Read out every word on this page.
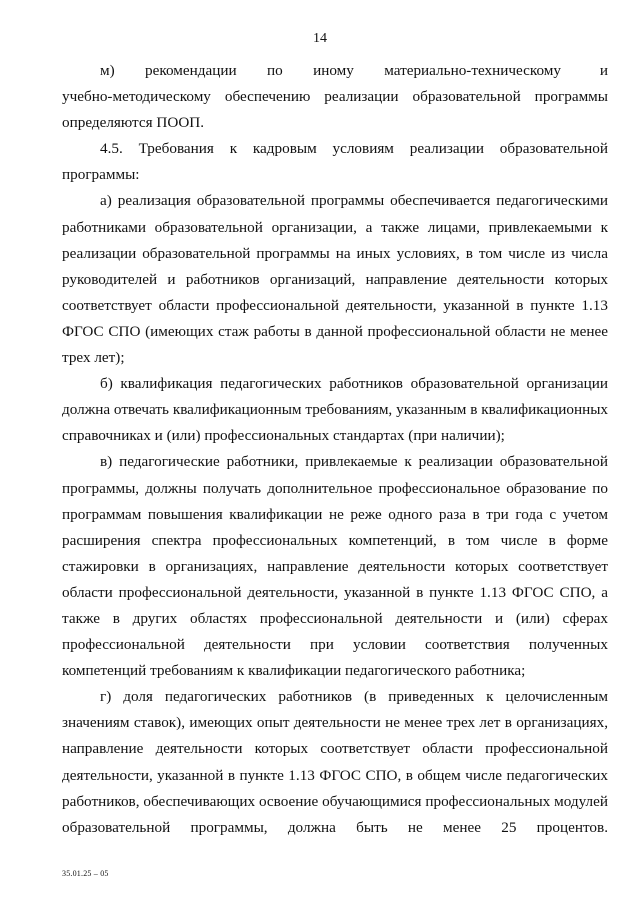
14

м)  рекомендации  по  иному  материально-техническому и учебно-методическому обеспечению реализации образовательной программы определяются ПООП.

4.5. Требования к кадровым условиям реализации образовательной программы:

а) реализация образовательной программы обеспечивается педагогическими работниками образовательной организации, а также лицами, привлекаемыми к реализации образовательной программы на иных условиях, в том числе из числа руководителей и работников организаций, направление деятельности которых соответствует области профессиональной деятельности, указанной в пункте 1.13 ФГОС СПО (имеющих стаж работы в данной профессиональной области не менее трех лет);

б) квалификация педагогических работников образовательной организации должна отвечать квалификационным требованиям, указанным в квалификационных справочниках и (или) профессиональных стандартах (при наличии);

в) педагогические работники, привлекаемые к реализации образовательной программы, должны получать дополнительное профессиональное образование по программам повышения квалификации не реже одного раза в три года с учетом расширения спектра профессиональных компетенций, в том числе в форме стажировки в организациях, направление деятельности которых соответствует области профессиональной деятельности, указанной в пункте 1.13 ФГОС СПО, а также в других областях профессиональной деятельности и (или) сферах профессиональной деятельности при условии соответствия полученных компетенций требованиям к квалификации педагогического работника;

г) доля педагогических работников (в приведенных к целочисленным значениям ставок), имеющих опыт деятельности не менее трех лет в организациях, направление деятельности которых соответствует области профессиональной деятельности, указанной в пункте 1.13 ФГОС СПО, в общем числе педагогических работников, обеспечивающих освоение обучающимися профессиональных модулей образовательной программы, должна быть не менее 25 процентов.

35.01.25 – 05
